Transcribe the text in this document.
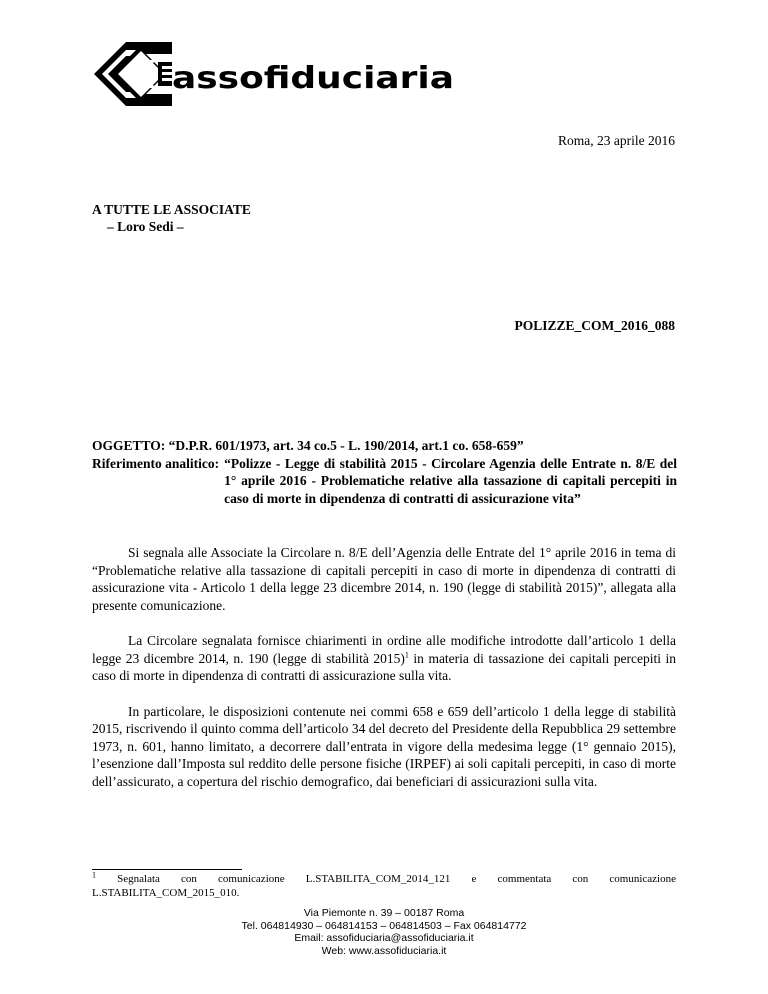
assofiduciaria
Roma, 23 aprile 2016
A TUTTE LE ASSOCIATE
– Loro Sedi –
POLIZZE_COM_2016_088
OGGETTO: “D.P.R. 601/1973, art. 34 co.5 - L. 190/2014, art.1 co. 658-659”
Riferimento analitico: “Polizze - Legge di stabilità 2015 - Circolare Agenzia delle Entrate n. 8/E del 1° aprile 2016 - Problematiche relative alla tassazione di capitali percepiti in caso di morte in dipendenza di contratti di assicurazione vita”

Si segnala alle Associate la Circolare n. 8/E dell’Agenzia delle Entrate del 1° aprile 2016 in tema di “Problematiche relative alla tassazione di capitali percepiti in caso di morte in dipendenza di contratti di assicurazione vita - Articolo 1 della legge 23 dicembre 2014, n. 190 (legge di stabilità 2015)”, allegata alla presente comunicazione.

La Circolare segnalata fornisce chiarimenti in ordine alle modifiche introdotte dall’articolo 1 della legge 23 dicembre 2014, n. 190 (legge di stabilità 2015)$^1$ in materia di tassazione dei capitali percepiti in caso di morte in dipendenza di contratti di assicurazione sulla vita.

In particolare, le disposizioni contenute nei commi 658 e 659 dell’articolo 1 della legge di stabilità 2015, riscrivendo il quinto comma dell’articolo 34 del decreto del Presidente della Repubblica 29 settembre 1973, n. 601, hanno limitato, a decorrere dall’entrata in vigore della medesima legge (1° gennaio 2015), l’esenzione dall’Imposta sul reddito delle persone fisiche (IRPEF) ai soli capitali percepiti, in caso di morte dell’assicurato, a copertura del rischio demografico, dai beneficiari di assicurazioni sulla vita.

$^1$ Segnalata con comunicazione L.STABILITA_COM_2014_121 e commentata con comunicazione L.STABILITA_COM_2015_010.
Via Piemonte n. 39 – 00187 Roma
Tel. 064814930 – 064814153 – 064814503 – Fax 064814772
Email: assofiduciaria@assofiduciaria.it
Web: www.assofiduciaria.it
